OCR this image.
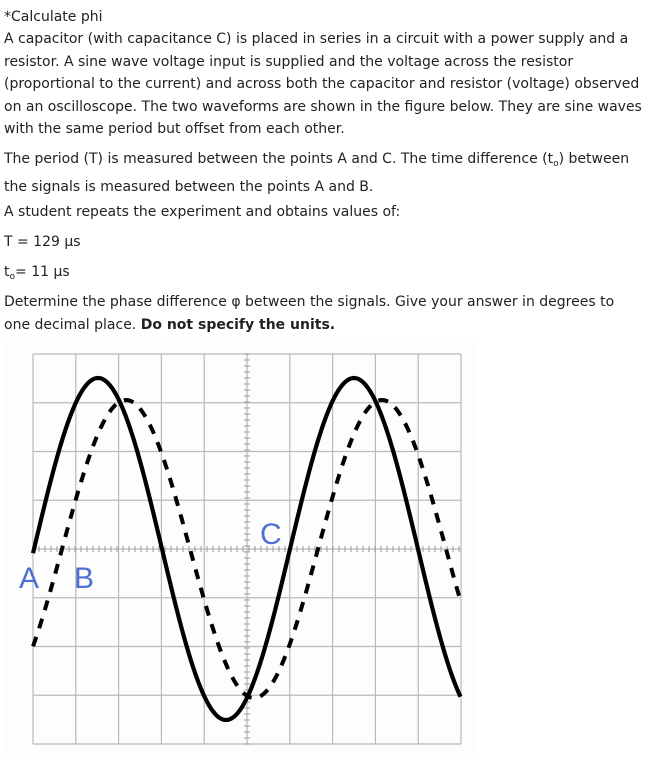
*Calculate phi

A capacitor (with capacitance C) is placed in series in a circuit with a power supply and a resistor. A sine wave voltage input is supplied and the voltage across the resistor (proportional to the current) and across both the capacitor and resistor (voltage) observed on an oscilloscope. The two waveforms are shown in the figure below. They are sine waves with the same period but offset from each other.

The period (T) is measured between the points A and C. The time difference $(t_o)$ between the signals is measured between the points A and B.

A student repeats the experiment and obtains values of:

T = 129 μs

$t_o= 11$ μs

Determine the phase difference φ between the signals. Give your answer in degrees to one decimal place. Do not specify the units.

A B
C
